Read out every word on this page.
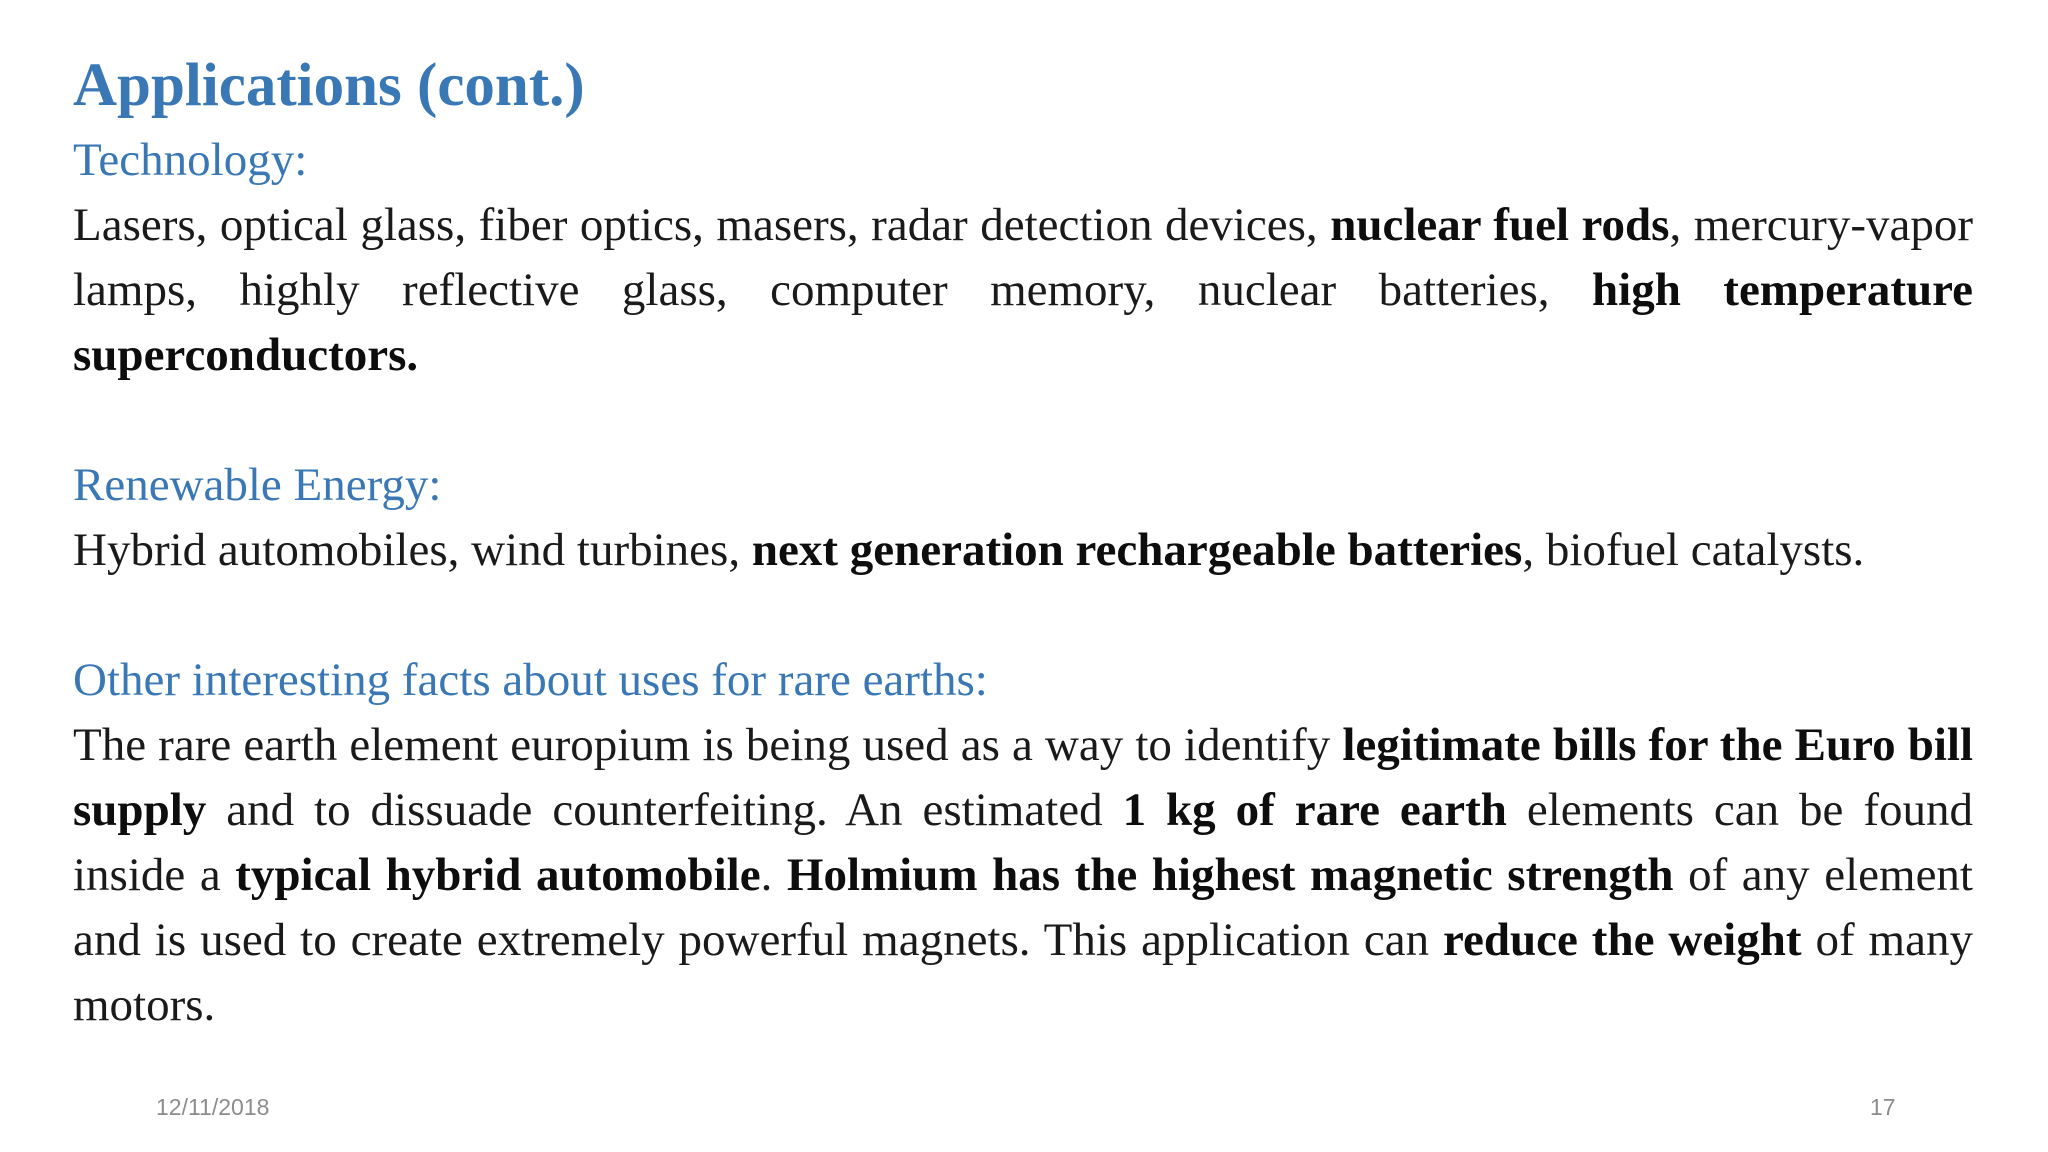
Applications (cont.)
Technology:

Lasers, optical glass, fiber optics, masers, radar detection devices, nuclear fuel rods, mercury-vapor lamps, highly reflective glass, computer memory, nuclear batteries, high temperature superconductors.

Renewable Energy:

Hybrid automobiles, wind turbines, next generation rechargeable batteries, biofuel catalysts.

Other interesting facts about uses for rare earths:

The rare earth element europium is being used as a way to identify legitimate bills for the Euro bill supply and to dissuade counterfeiting. An estimated 1 kg of rare earth elements can be found inside a typical hybrid automobile. Holmium has the highest magnetic strength of any element and is used to create extremely powerful magnets. This application can reduce the weight of many motors.

12/11/2018	17
